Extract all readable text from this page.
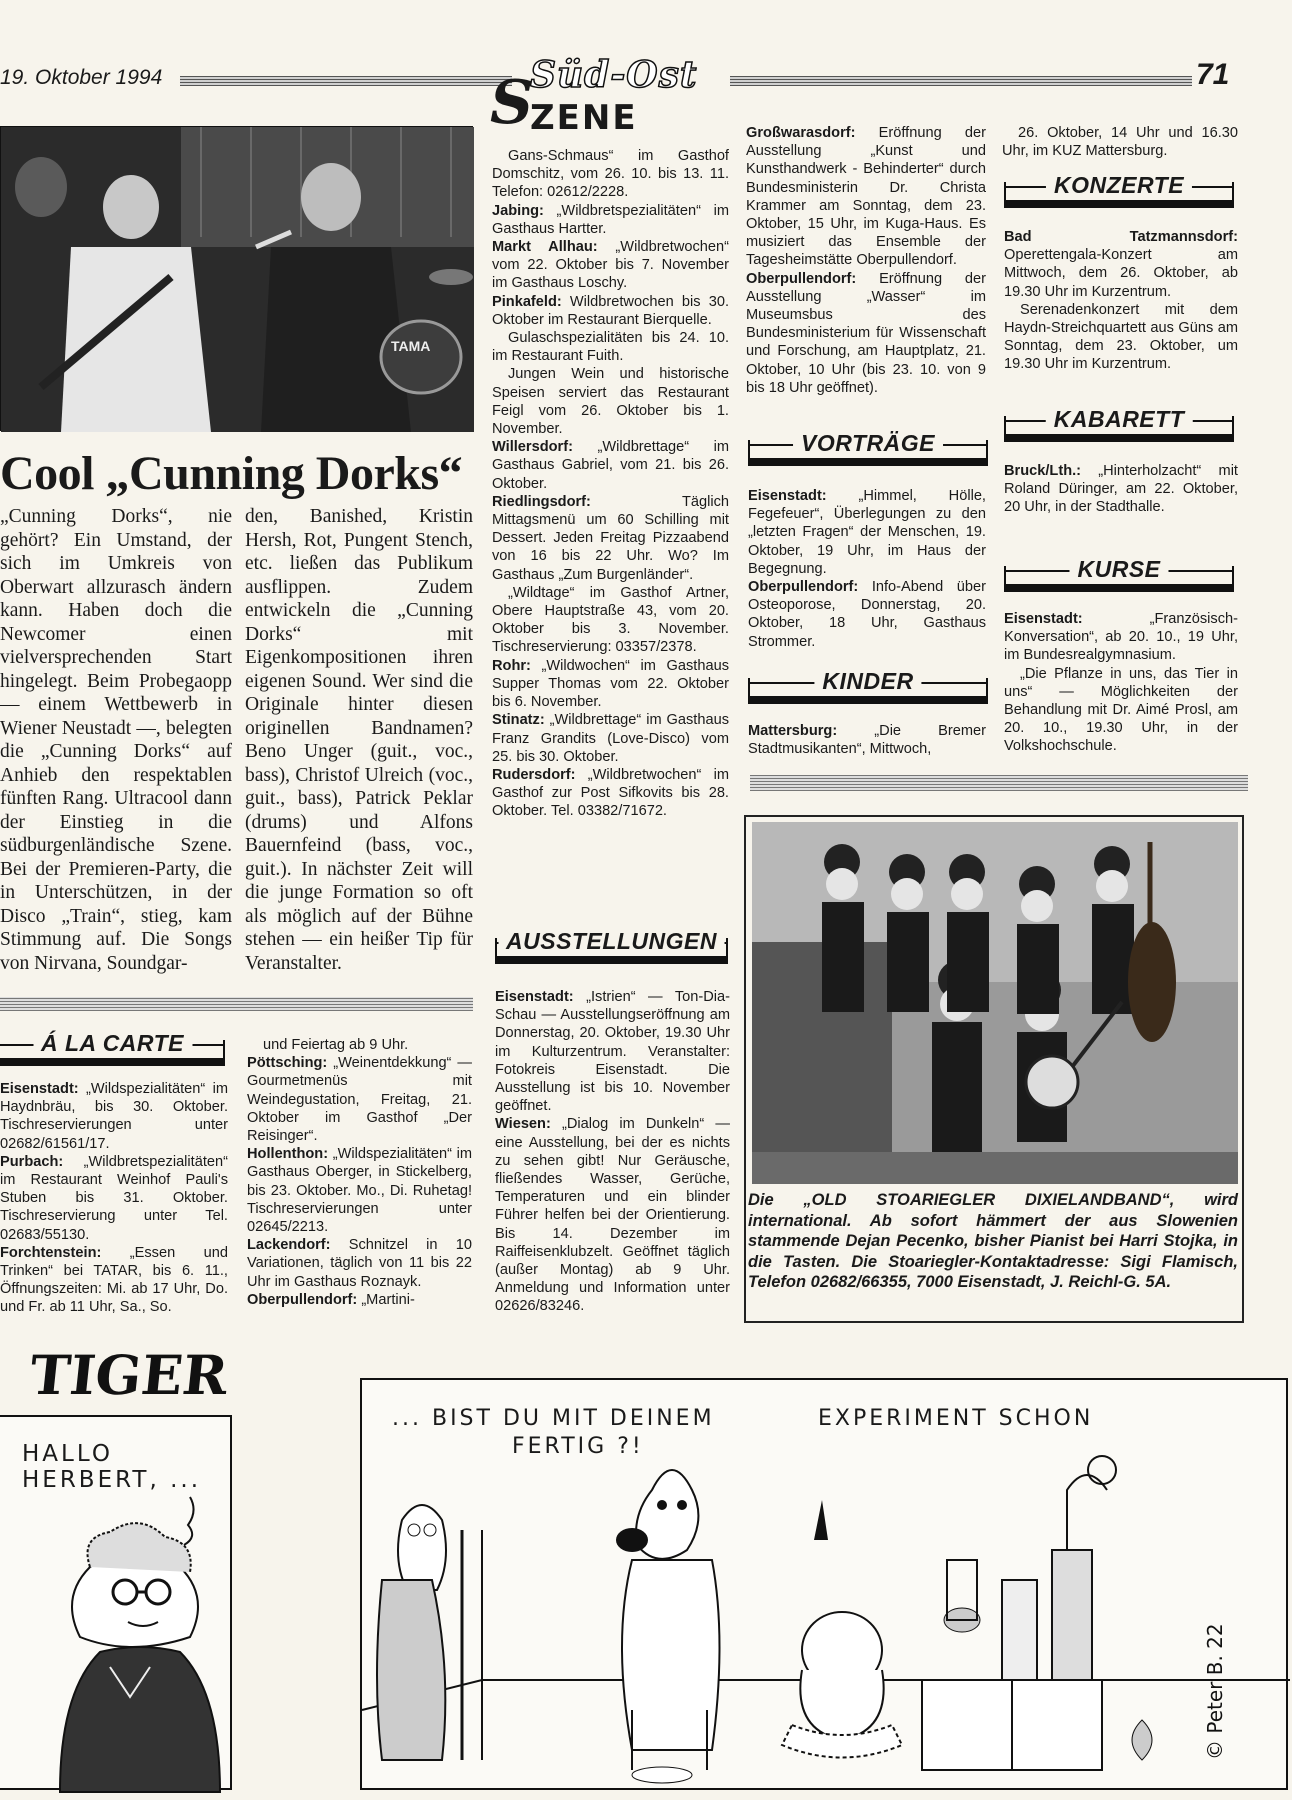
19. Oktober 1994	71
S
Süd-Ost
ZENE
TAMA
Cool „Cunning Dorks“
„Cunning Dorks“, nie gehört? Ein Umstand, der sich im Umkreis von Oberwart allzurasch ändern kann. Haben doch die Newcomer einen vielversprechenden Start hingelegt. Beim Probegaopp — einem Wettbewerb in Wiener Neustadt —, belegten die „Cunning Dorks“ auf Anhieb den respektablen fünften Rang. Ultracool dann der Einstieg in die südburgenländische Szene. Bei der Premieren-Party, die in Unterschützen, in der Disco „Train“, stieg, kam Stimmung auf. Die Songs von Nirvana, Soundgar-
den, Banished, Kristin Hersh, Rot, Pungent Stench, etc. ließen das Publikum ausflippen. Zudem entwickeln die „Cunning Dorks“ mit Eigenkompositionen ihren eigenen Sound. Wer sind die Originale hinter diesen originellen Bandnamen? Beno Unger (guit., voc., bass), Christof Ulreich (voc., guit., bass), Patrick Peklar (drums) und Alfons Bauernfeind (bass, voc., guit.). In nächster Zeit will die junge Formation so oft als möglich auf der Bühne stehen — ein heißer Tip für Veranstalter.
Á LA CARTE

Eisenstadt: „Wildspezialitäten“ im Haydnbräu, bis 30. Oktober. Tischreservierungen unter 02682/61561/17.

Purbach: „Wildbretspezialitäten“ im Restaurant Weinhof Pauli's Stuben bis 31. Oktober. Tischreservierung unter Tel. 02683/55130.

Forchtenstein: „Essen und Trinken“ bei TATAR, bis 6. 11., Öffnungszeiten: Mi. ab 17 Uhr, Do. und Fr. ab 11 Uhr, Sa., So.

und Feiertag ab 9 Uhr.

Pöttsching: „Weinentdekkung“ — Gourmetmenüs mit Weindegustation, Freitag, 21. Oktober im Gasthof „Der Reisinger“.

Hollenthon: „Wildspezialitäten“ im Gasthaus Oberger, in Stickelberg, bis 23. Oktober. Mo., Di. Ruhetag! Tischreservierungen unter 02645/2213.

Lackendorf: Schnitzel in 10 Variationen, täglich von 11 bis 22 Uhr im Gasthaus Roznayk.

Oberpullendorf: „Martini-

Gans-Schmaus“ im Gasthof Domschitz, vom 26. 10. bis 13. 11. Telefon: 02612/2228.

Jabing: „Wildbretspezialitäten“ im Gasthaus Hartter.

Markt Allhau: „Wildbretwochen“ vom 22. Oktober bis 7. November im Gasthaus Loschy.

Pinkafeld: Wildbretwochen bis 30. Oktober im Restaurant Bierquelle.

Gulaschspezialitäten bis 24. 10. im Restaurant Fuith.

Jungen Wein und historische Speisen serviert das Restaurant Feigl vom 26. Oktober bis 1. November.

Willersdorf: „Wildbrettage“ im Gasthaus Gabriel, vom 21. bis 26. Oktober.

Riedlingsdorf: Täglich Mittagsmenü um 60 Schilling mit Dessert. Jeden Freitag Pizzaabend von 16 bis 22 Uhr. Wo? Im Gasthaus „Zum Burgenländer“.

„Wildtage“ im Gasthof Artner, Obere Hauptstraße 43, vom 20. Oktober bis 3. November. Tischreservierung: 03357/2378.

Rohr: „Wildwochen“ im Gasthaus Supper Thomas vom 22. Oktober bis 6. November.

Stinatz: „Wildbrettage“ im Gasthaus Franz Grandits (Love-Disco) vom 25. bis 30. Oktober.

Rudersdorf: „Wildbretwochen“ im Gasthof zur Post Sifkovits bis 28. Oktober. Tel. 03382/71672.

AUSSTELLUNGEN

Eisenstadt: „Istrien“ — Ton-Dia-Schau — Ausstellungseröffnung am Donnerstag, 20. Oktober, 19.30 Uhr im Kulturzentrum. Veranstalter: Fotokreis Eisenstadt. Die Ausstellung ist bis 10. November geöffnet.

Wiesen: „Dialog im Dunkeln“ — eine Ausstellung, bei der es nichts zu sehen gibt! Nur Geräusche, fließendes Wasser, Gerüche, Temperaturen und ein blinder Führer helfen bei der Orientierung. Bis 14. Dezember im Raiffeisenklubzelt. Geöffnet täglich (außer Montag) ab 9 Uhr. Anmeldung und Information unter 02626/83246.

Großwarasdorf: Eröffnung der Ausstellung „Kunst und Kunsthandwerk - Behinderter“ durch Bundesministerin Dr. Christa Krammer am Sonntag, dem 23. Oktober, 15 Uhr, im Kuga-Haus. Es musiziert das Ensemble der Tagesheimstätte Oberpullendorf.

Oberpullendorf: Eröffnung der Ausstellung „Wasser“ im Museumsbus des Bundesministerium für Wissenschaft und Forschung, am Hauptplatz, 21. Oktober, 10 Uhr (bis 23. 10. von 9 bis 18 Uhr geöffnet).

VORTRÄGE

Eisenstadt: „Himmel, Hölle, Fegefeuer“, Überlegungen zu den „letzten Fragen“ der Menschen, 19. Oktober, 19 Uhr, im Haus der Begegnung.

Oberpullendorf: Info-Abend über Osteoporose, Donnerstag, 20. Oktober, 18 Uhr, Gasthaus Strommer.

KINDER

Mattersburg: „Die Bremer Stadtmusikanten“, Mittwoch,

26. Oktober, 14 Uhr und 16.30 Uhr, im KUZ Mattersburg.

KONZERTE

Bad Tatzmannsdorf: Operettengala-Konzert am Mittwoch, dem 26. Oktober, ab 19.30 Uhr im Kurzentrum.

Serenadenkonzert mit dem Haydn-Streichquartett aus Güns am Sonntag, dem 23. Oktober, um 19.30 Uhr im Kurzentrum.

KABARETT

Bruck/Lth.: „Hinterholzacht“ mit Roland Düringer, am 22. Oktober, 20 Uhr, in der Stadthalle.

KURSE

Eisenstadt: „Französisch-Konversation“, ab 20. 10., 19 Uhr, im Bundesrealgymnasium.

„Die Pflanze in uns, das Tier in uns“ — Möglichkeiten der Behandlung mit Dr. Aimé Prosl, am 20. 10., 19.30 Uhr, in der Volkshochschule.

Die „OLD STOARIEGLER DIXIELANDBAND“, wird international. Ab sofort hämmert der aus Slowenien stammende Dejan Pecenko, bisher Pianist bei Harri Stojka, in die Tasten. Die Stoariegler-Kontaktadresse: Sigi Flamisch, Telefon 02682/66355, 7000 Eisenstadt, J. Reichl-G. 5A.
TIGER
HALLO HERBERT, ...
... BIST DU MIT DEINEM
FERTIG ?!
EXPERIMENT SCHON
© Peter B. 22
